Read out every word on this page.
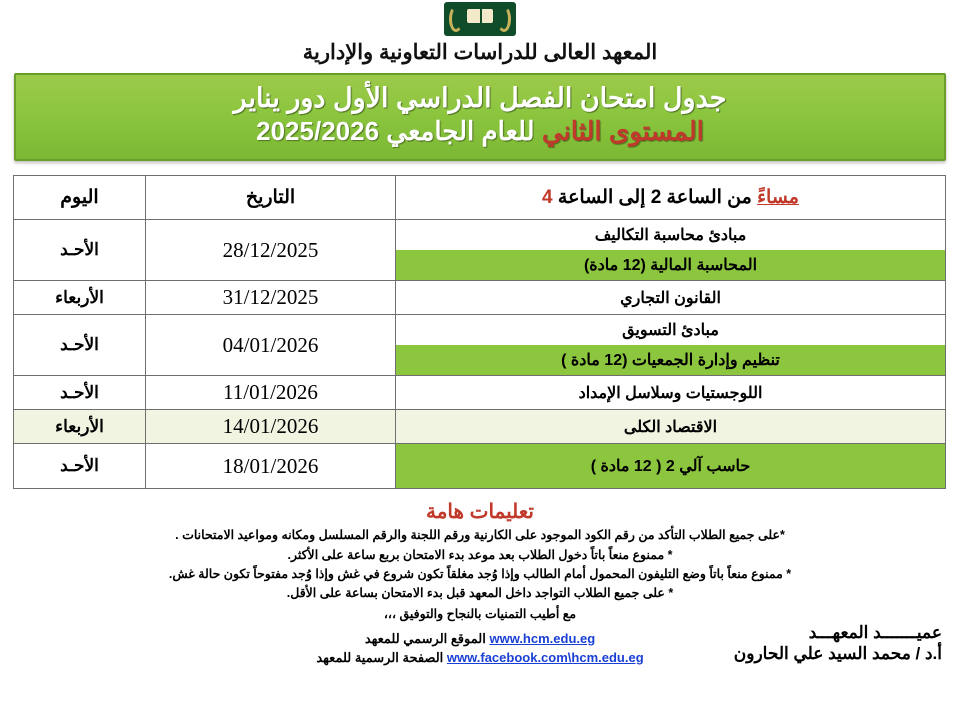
المعهد العالى للدراسات التعاونية والإدارية
جدول امتحان الفصل الدراسي الأول دور يناير
المستوى الثاني للعام الجامعي 2025/2026
مساءً من الساعة 2 إلى الساعة 4	التاريخ	اليوم

مبادئ محاسبة التكاليف
المحاسبة المالية (12 مادة)	28/12/2025	الأحـد

القانون التجاري	31/12/2025	الأربعاء

مبادئ التسويق
تنظيم وإدارة الجمعيات (12 مادة )	04/01/2026	الأحـد

اللوجستيات وسلاسل الإمداد	11/01/2026	الأحـد

الاقتصاد الكلى	14/01/2026	الأربعاء

حاسب آلي 2 ( 12 مادة )	18/01/2026	الأحـد
تعليمات هامة
*على جميع الطلاب التأكد من رقم الكود الموجود على الكارنية ورقم اللجنة والرقم المسلسل ومكانه ومواعيد الامتحانات .
* ممنوع منعاً باتاً دخول الطلاب بعد موعد بدء الامتحان بربع ساعة على الأكثر.
* ممنوع منعاً باتاً وضع التليفون المحمول أمام الطالب وإذا وُجد مغلقاً تكون شروع في غش وإذا وُجد مفتوحاً تكون حالة غش.
* على جميع الطلاب التواجد داخل المعهد قبل بدء الامتحان بساعة على الأقل.
مع أطيب التمنيات بالنجاح والتوفيق ،،،
عميـــــــد المعهـــد
أ.د / محمد السيد علي الحارون
www.hcm.edu.eg الموقع الرسمي للمعهد
www.facebook.com\hcm.edu.eg الصفحة الرسمية للمعهد
